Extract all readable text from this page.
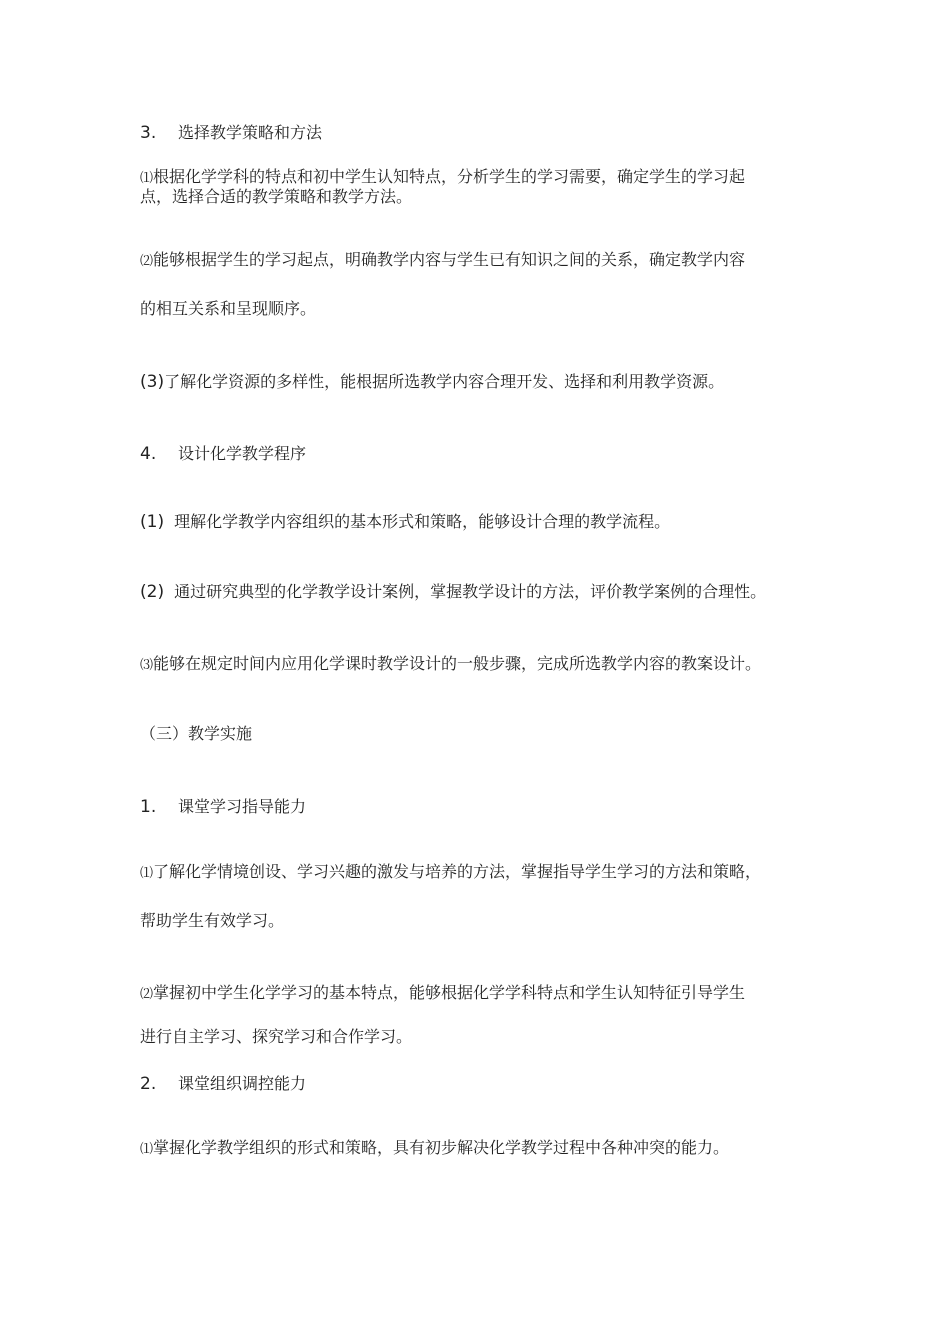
3. 选择教学策略和方法
⑴根据化学学科的特点和初中学生认知特点，分析学生的学习需要，确定学生的学习起
点，选择合适的教学策略和教学方法。
⑵能够根据学生的学习起点，明确教学内容与学生已有知识之间的关系，确定教学内容
的相互关系和呈现顺序。
(3)了解化学资源的多样性，能根据所选教学内容合理开发、选择和利用教学资源。
4. 设计化学教学程序
(1) 理解化学教学内容组织的基本形式和策略，能够设计合理的教学流程。
(2) 通过研究典型的化学教学设计案例，掌握教学设计的方法，评价教学案例的合理性。
⑶能够在规定时间内应用化学课时教学设计的一般步骤，完成所选教学内容的教案设计。
（三）教学实施
1. 课堂学习指导能力
⑴了解化学情境创设、学习兴趣的激发与培养的方法，掌握指导学生学习的方法和策略，
帮助学生有效学习。
⑵掌握初中学生化学学习的基本特点，能够根据化学学科特点和学生认知特征引导学生
进行自主学习、探究学习和合作学习。
2. 课堂组织调控能力
⑴掌握化学教学组织的形式和策略，具有初步解决化学教学过程中各种冲突的能力。
